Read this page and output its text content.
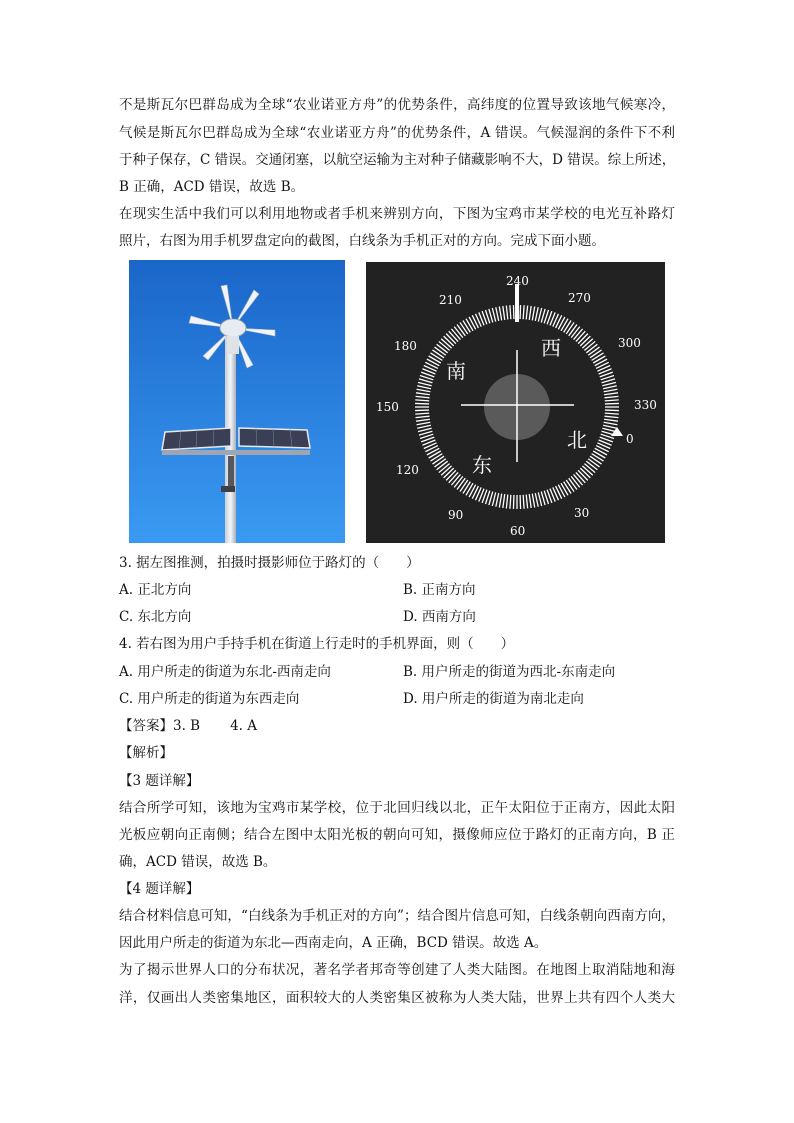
不是斯瓦尔巴群岛成为全球“农业诺亚方舟”的优势条件，高纬度的位置导致该地气候寒冷，
气候是斯瓦尔巴群岛成为全球“农业诺亚方舟”的优势条件，A 错误。气候湿润的条件下不利
于种子保存，C 错误。交通闭塞，以航空运输为主对种子储藏影响不大，D 错误。综上所述，
B 正确，ACD 错误，故选 B。
在现实生活中我们可以利用地物或者手机来辨别方向，下图为宝鸡市某学校的电光互补路灯
照片，右图为用手机罗盘定向的截图，白线条为手机正对的方向。完成下面小题。
240
270
300
330
0
30
60
90
120
150
180
210
西
南
北
东
3. 据左图推测，拍摄时摄影师位于路灯的（　　）
A. 正北方向	B. 正南方向
C. 东北方向	D. 西南方向
4. 若右图为用户手持手机在街道上行走时的手机界面，则（　　）
A. 用户所走的街道为东北-西南走向	B. 用户所走的街道为西北-东南走向
C. 用户所走的街道为东西走向	D. 用户所走的街道为南北走向
【答案】3. B 4. A
【解析】
【3 题详解】
结合所学可知，该地为宝鸡市某学校，位于北回归线以北，正午太阳位于正南方，因此太阳
光板应朝向正南侧；结合左图中太阳光板的朝向可知，摄像师应位于路灯的正南方向，B 正
确，ACD 错误，故选 B。
【4 题详解】
结合材料信息可知，“白线条为手机正对的方向”；结合图片信息可知，白线条朝向西南方向，
因此用户所走的街道为东北—西南走向，A 正确，BCD 错误。故选 A。
为了揭示世界人口的分布状况，著名学者邦奇等创建了人类大陆图。在地图上取消陆地和海
洋，仅画出人类密集地区，面积较大的人类密集区被称为人类大陆，世界上共有四个人类大
